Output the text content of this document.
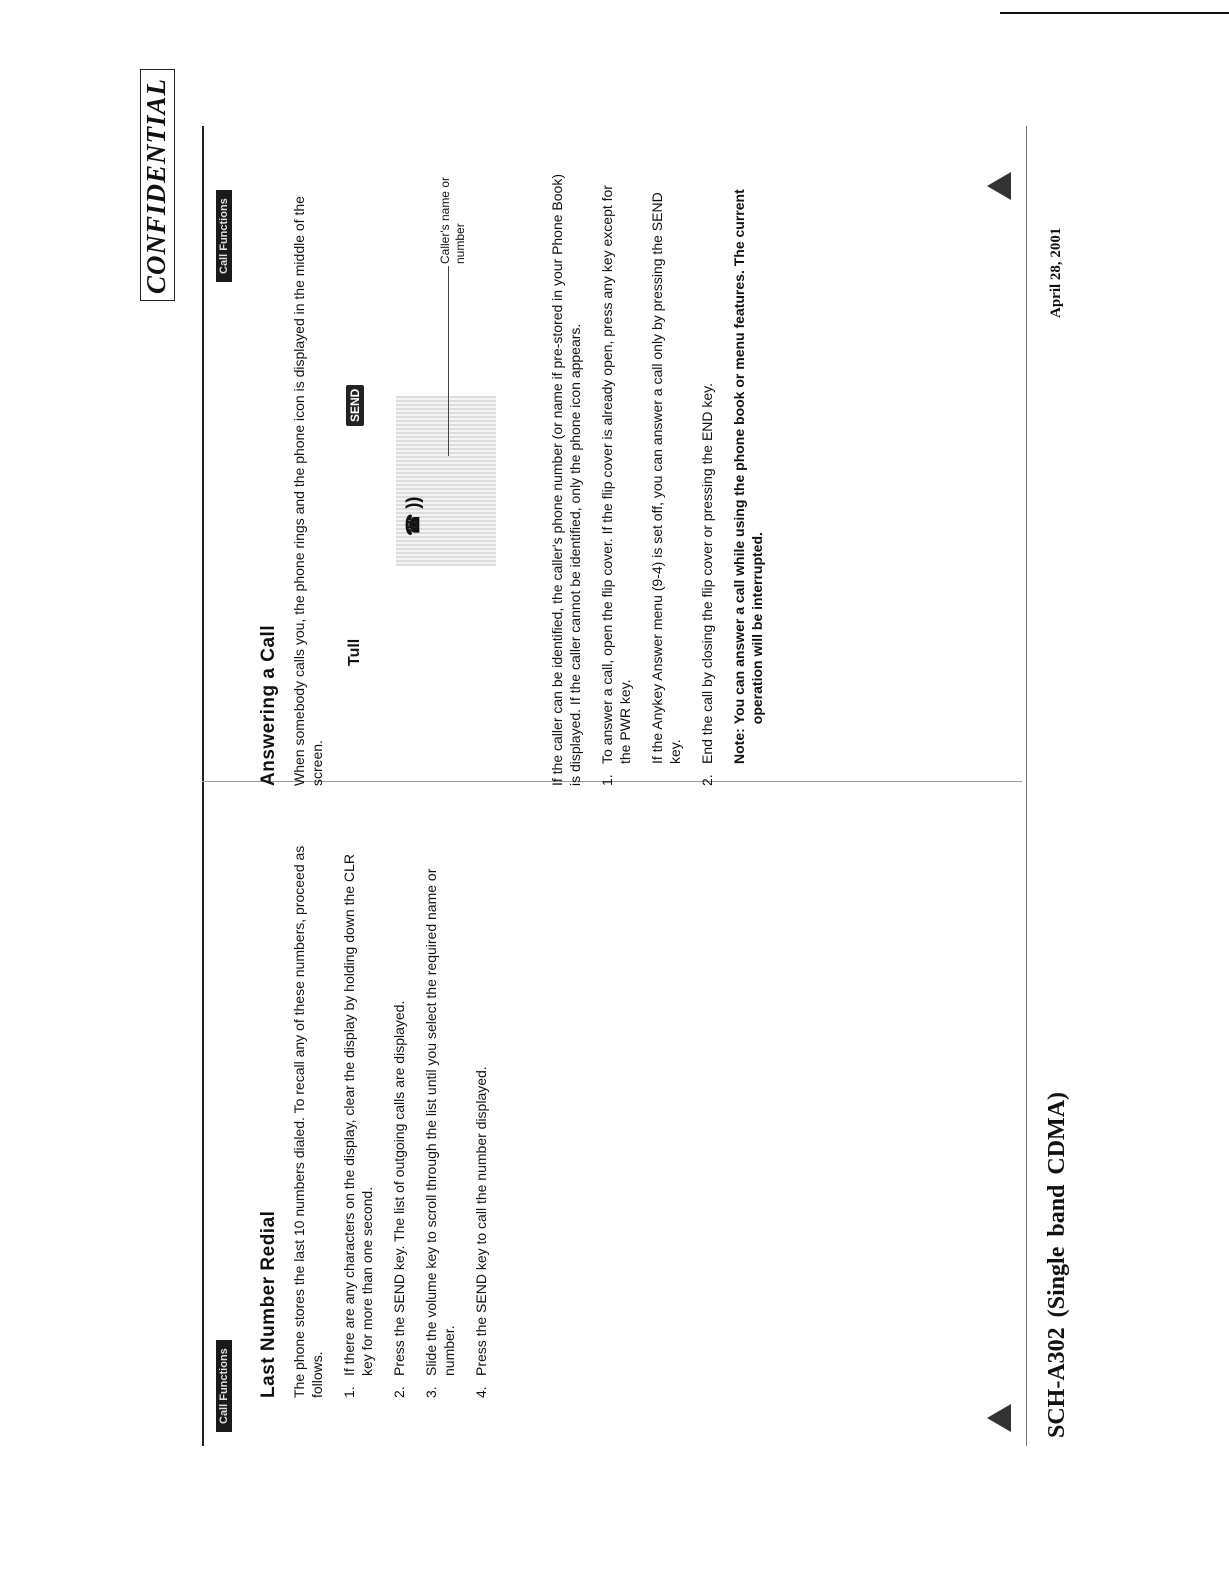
CONFIDENTIAL
Call Functions
Call Functions
Last Number Redial The phone stores the last 10 numbers dialed. To recall any of these numbers, proceed as follows. 1.
If there are any characters on the display, clear the display by holding down the CLR key for more than one second.
2.
Press the SEND key. The list of outgoing calls are displayed.
3.
Slide the volume key to scroll through the list until you select the required name or number.
4.
Press the SEND key to call the number displayed.
Answering a Call When somebody calls you, the phone rings and the phone icon is displayed in the middle of the screen.

Tull
SEND
☎ ))
Caller's name or number	If the caller can be identified, the caller's phone number (or name if pre-stored in your Phone Book) is displayed. If the caller cannot be identified, only the phone icon appears. 1.
To answer a call, open the flip cover. If the flip cover is already open, press any key except for the PWR key. If the Anykey Answer menu (9-4) is set off, you can answer a call only by pressing the SEND key.
2.
End the call by closing the flip cover or pressing the END key. Note:
You can answer a call while using the phone book or menu features. The current operation will be interrupted.
SCH-A302 (Single band CDMA)
April 28, 2001
